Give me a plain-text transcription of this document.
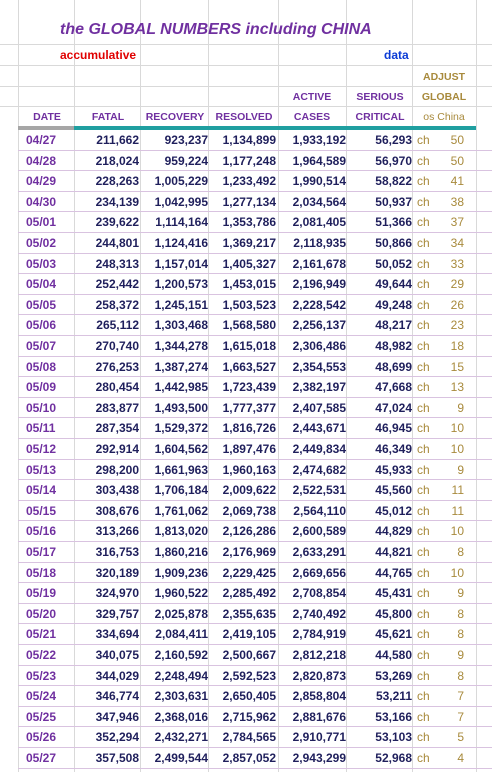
the GLOBAL NUMBERS including CHINA
accumulative	data
ADJUST
ACTIVE	SERIOUS	GLOBAL
DATE	FATAL	RECOVERY	RESOLVED	CASES	CRITICAL	os China
04/27	211,662	923,237	1,134,899	1,933,192	56,293 ch	50
04/28	218,024	959,224	1,177,248	1,964,589	56,970 ch	50
04/29	228,263	1,005,229	1,233,492	1,990,514	58,822 ch	41
04/30	234,139	1,042,995	1,277,134	2,034,564	50,937 ch	38
05/01	239,622	1,114,164	1,353,786	2,081,405	51,366 ch	37
05/02	244,801	1,124,416	1,369,217	2,118,935	50,866 ch	34
05/03	248,313	1,157,014	1,405,327	2,161,678	50,052 ch	33
05/04	252,442	1,200,573	1,453,015	2,196,949	49,644 ch	29
05/05	258,372	1,245,151	1,503,523	2,228,542	49,248 ch	26
05/06	265,112	1,303,468	1,568,580	2,256,137	48,217 ch	23
05/07	270,740	1,344,278	1,615,018	2,306,486	48,982 ch	18
05/08	276,253	1,387,274	1,663,527	2,354,553	48,699 ch	15
05/09	280,454	1,442,985	1,723,439	2,382,197	47,668 ch	13
05/10	283,877	1,493,500	1,777,377	2,407,585	47,024 ch	9
05/11	287,354	1,529,372	1,816,726	2,443,671	46,945 ch	10
05/12	292,914	1,604,562	1,897,476	2,449,834	46,349 ch	10
05/13	298,200	1,661,963	1,960,163	2,474,682	45,933 ch	9
05/14	303,438	1,706,184	2,009,622	2,522,531	45,560 ch	11
05/15	308,676	1,761,062	2,069,738	2,564,110	45,012 ch	11
05/16	313,266	1,813,020	2,126,286	2,600,589	44,829 ch	10
05/17	316,753	1,860,216	2,176,969	2,633,291	44,821 ch	8
05/18	320,189	1,909,236	2,229,425	2,669,656	44,765 ch	10
05/19	324,970	1,960,522	2,285,492	2,708,854	45,431 ch	9
05/20	329,757	2,025,878	2,355,635	2,740,492	45,800 ch	8
05/21	334,694	2,084,411	2,419,105	2,784,919	45,621 ch	8
05/22	340,075	2,160,592	2,500,667	2,812,218	44,580 ch	9
05/23	344,029	2,248,494	2,592,523	2,820,873	53,269 ch	8
05/24	346,774	2,303,631	2,650,405	2,858,804	53,211 ch	7
05/25	347,946	2,368,016	2,715,962	2,881,676	53,166 ch	7
05/26	352,294	2,432,271	2,784,565	2,910,771	53,103 ch	5
05/27	357,508	2,499,544	2,857,052	2,943,299	52,968 ch	4
